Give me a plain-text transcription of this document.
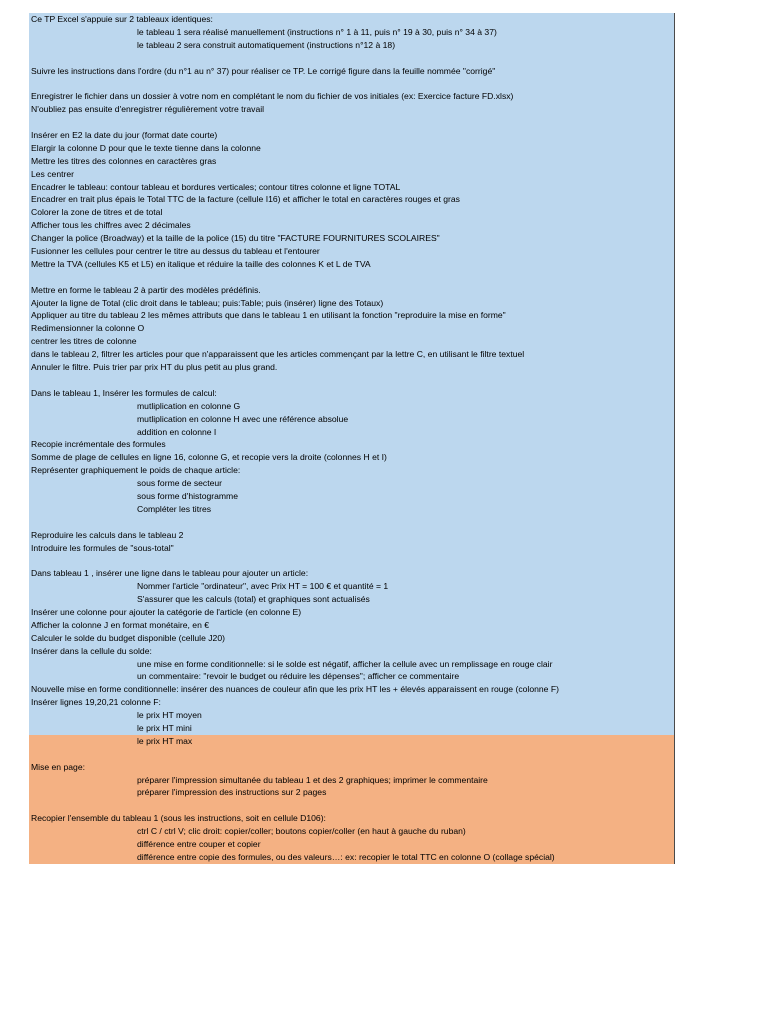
Ce TP Excel s'appuie sur 2 tableaux identiques:
le tableau 1 sera réalisé manuellement (instructions n° 1 à 11, puis n° 19 à 30, puis n° 34 à 37)
le tableau 2 sera construit automatiquement (instructions n°12 à 18)
Suivre les instructions dans l'ordre (du n°1 au n° 37) pour réaliser ce TP. Le corrigé figure dans la feuille nommée "corrigé"
Enregistrer le fichier dans un dossier à votre nom en complétant le nom du fichier de vos initiales (ex: Exercice facture FD.xlsx)
N'oubliez pas ensuite d'enregistrer régulièrement votre travail
Insérer en E2 la date du jour (format date courte)
Elargir la colonne D pour que le texte tienne dans la colonne
Mettre les titres des colonnes en caractères gras
Les centrer
Encadrer le tableau: contour tableau et bordures verticales; contour titres colonne et ligne TOTAL
Encadrer en trait plus épais le Total TTC de la facture (cellule I16) et afficher le total en caractères rouges et gras
Colorer la zone de titres et de total
Afficher tous les chiffres avec 2 décimales
Changer la police (Broadway) et la taille de la police (15) du titre "FACTURE FOURNITURES SCOLAIRES"
Fusionner les cellules pour centrer le titre au dessus du tableau et l'entourer
Mettre la TVA (cellules K5 et L5) en italique et réduire la taille des colonnes K et L de TVA
Mettre en forme le tableau 2 à partir des modèles prédéfinis.
Ajouter la ligne de Total (clic droit dans le tableau; puis:Table; puis (insérer) ligne des Totaux)
Appliquer au titre du tableau 2 les mêmes attributs que dans le tableau 1 en utilisant la fonction "reproduire la mise en forme"
Redimensionner la colonne O
centrer les titres de colonne
dans le tableau 2, filtrer les articles pour que n'apparaissent que les articles commençant par la lettre C, en utilisant le filtre textuel
Annuler le filtre. Puis trier par prix HT du plus petit au plus grand.
Dans le tableau 1, Insérer les formules de calcul:
mutliplication en colonne G
mutliplication en colonne H avec une référence absolue
addition en colonne I
Recopie incrémentale des formules
Somme de plage de cellules en ligne 16, colonne G, et recopie vers la droite (colonnes H et I)
Représenter graphiquement le poids de chaque article:
sous forme de secteur
sous forme d'histogramme
Compléter les titres
Reproduire les calculs dans le tableau 2
Introduire les formules de "sous-total"
Dans tableau 1 , insérer une ligne dans le tableau pour ajouter un article:
Nommer l'article "ordinateur", avec Prix HT = 100 € et quantité = 1
S'assurer que les calculs (total) et graphiques sont actualisés
Insérer une colonne pour ajouter la catégorie de l'article (en colonne E)
Afficher la colonne J en format monétaire, en €
Calculer le solde du budget disponible (cellule J20)
Insérer dans la cellule du solde:
une mise en forme conditionnelle: si le solde est négatif, afficher la cellule avec un remplissage en rouge clair
un commentaire: "revoir le budget ou réduire les dépenses"; afficher ce commentaire
Nouvelle mise en forme conditionnelle: insérer des nuances de couleur afin que les prix HT les + élevés apparaissent en rouge (colonne F)
Insérer lignes 19,20,21 colonne F:
le prix HT moyen
le prix HT mini
le prix HT max
Mise en page:
préparer l'impression simultanée du tableau 1 et des 2 graphiques; imprimer le commentaire
préparer l'impression des instructions sur 2 pages
Recopier l'ensemble du tableau 1 (sous les instructions, soit en cellule D106):
ctrl C / ctrl V; clic droit: copier/coller; boutons copier/coller (en haut à gauche du ruban)
différence entre couper et copier
différence entre copie des formules, ou des valeurs…: ex: recopier le total TTC en colonne O (collage spécial)
